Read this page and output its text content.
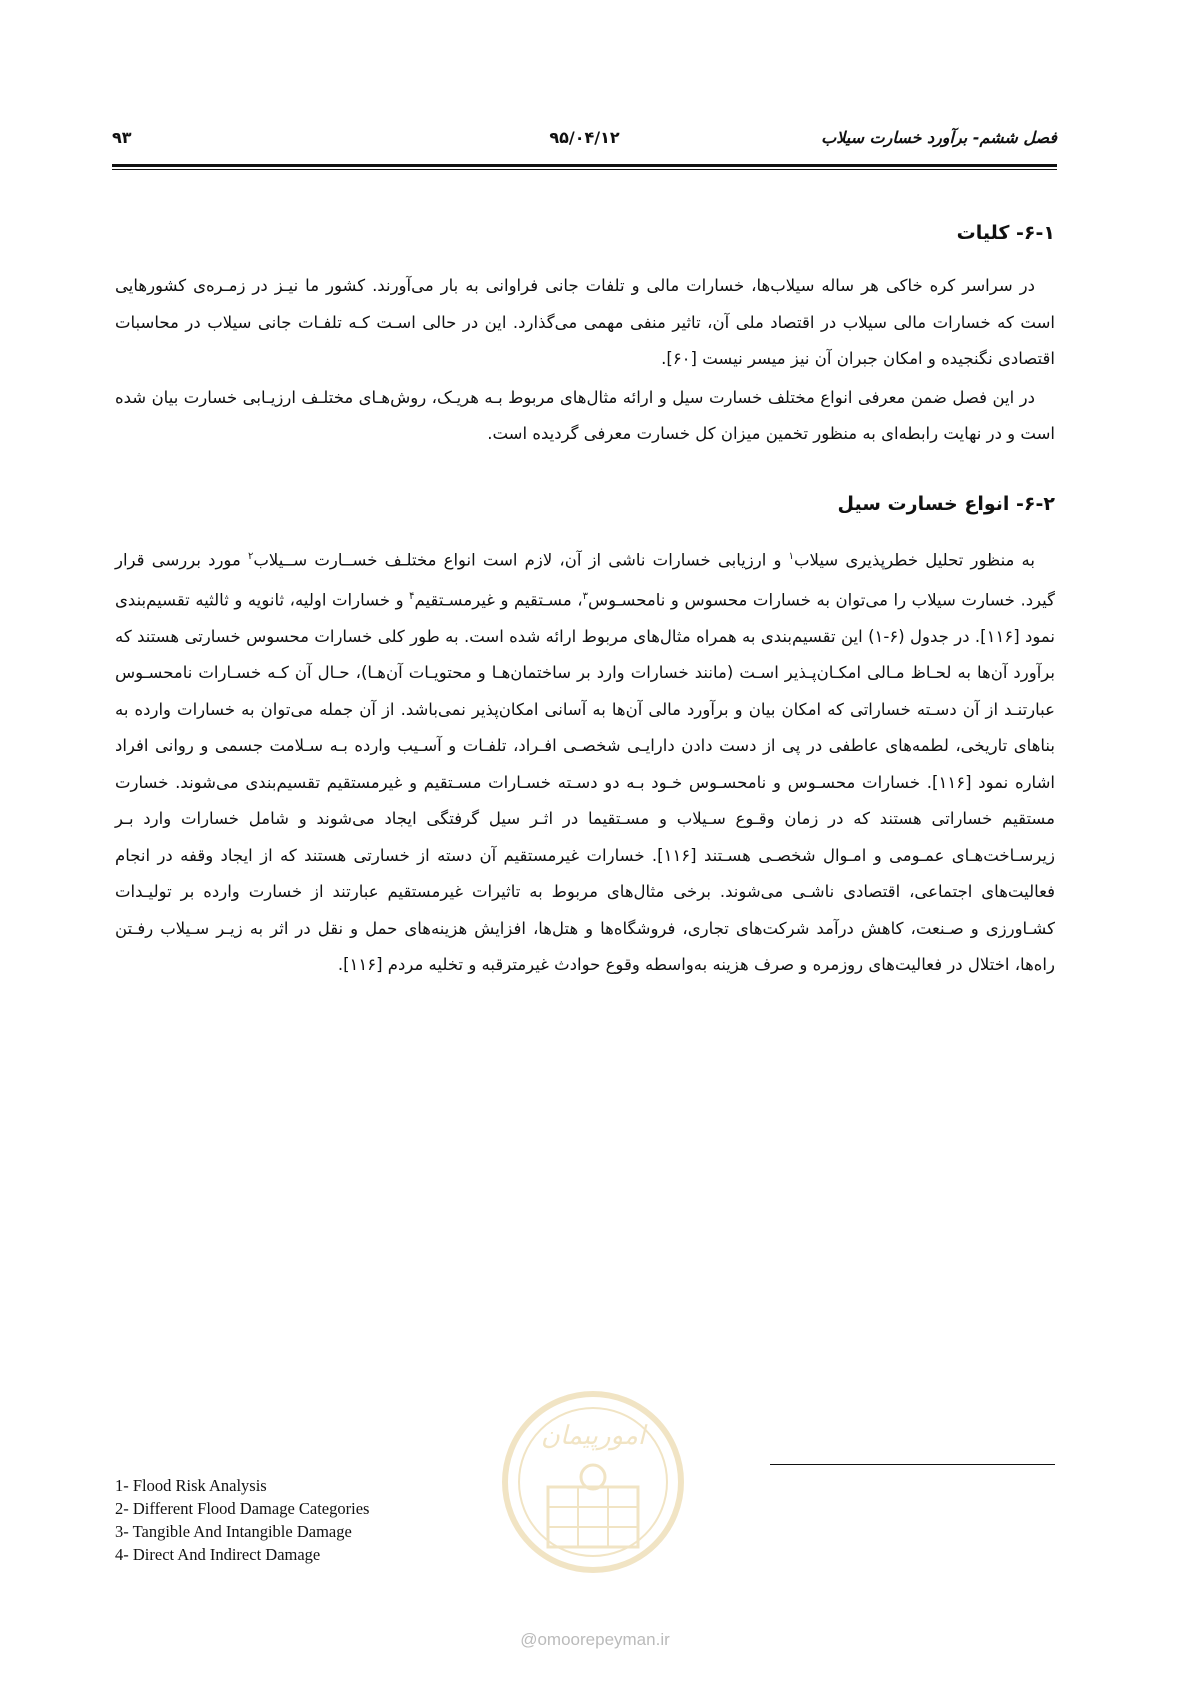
فصل ششم- برآورد خسارت سیلاب
۹۵/۰۴/۱۲
۹۳
۶-۱- کلیات

در سراسر کره خاکی هر ساله سیلاب‌ها، خسارات مالی و تلفات جانی فراوانی به بار می‌آورند. کشور ما نیـز در زمـره‌ی کشورهایی است که خسارات مالی سیلاب در اقتصاد ملی آن، تاثیر منفی مهمی می‌گذارد. این در حالی اسـت کـه تلفـات جانی سیلاب در محاسبات اقتصادی نگنجیده و امکان جبران آن نیز میسر نیست [۶۰].

در این فصل ضمن معرفی انواع مختلف خسارت سیل و ارائه مثال‌های مربوط بـه هریـک، روش‌هـای مختلـف ارزیـابی خسارت بیان شده است و در نهایت رابطه‌ای به منظور تخمین میزان کل خسارت معرفی گردیده است.

۶-۲- انواع خسارت سیل

به منظور تحلیل خطرپذیری سیلاب$^۱$ و ارزیابی خسارات ناشی از آن، لازم است انواع مختلـف خســارت ســیلاب$^۲$ مورد بررسی قرار گیرد. خسارت سیلاب را می‌توان به خسارات محسوس و نامحسـوس$^۳$، مسـتقیم و غیرمسـتقیم$^۴$ و خسارات اولیه، ثانویه و ثالثیه تقسیم‌بندی نمود [۱۱۶]. در جدول (۶-۱) این تقسیم‌بندی به همراه مثال‌های مربوط ارائه شده است. به طور کلی خسارات محسوس خسارتی هستند که برآورد آن‌ها به لحـاظ مـالی امکـان‌پـذیر اسـت (مانند خسارات وارد بر ساختمان‌هـا و محتویـات آن‌هـا)، حـال آن کـه خسـارات نامحسـوس عبارتنـد از آن دسـته خساراتی که امکان بیان و برآورد مالی آن‌ها به آسانی امکان‌پذیر نمی‌باشد. از آن جمله می‌توان به خسارات وارده به بناهای تاریخی، لطمه‌های عاطفی در پی از دست دادن دارایـی شخصـی افـراد، تلفـات و آسـیب وارده بـه سـلامت جسمی و روانی افراد اشاره نمود [۱۱۶]. خسارات محسـوس و نامحسـوس خـود بـه دو دسـته خسـارات مسـتقیم و غیرمستقیم تقسیم‌بندی می‌شوند. خسارت مستقیم خساراتی هستند که در زمان وقـوع سـیلاب و مسـتقیما در اثـر سیل گرفتگی ایجاد می‌شوند و شامل خسارات وارد بـر زیرسـاخت‌هـای عمـومی و امـوال شخصـی هسـتند [۱۱۶]. خسارات غیرمستقیم آن دسته از خسارتی هستند که از ایجاد وقفه در انجام فعالیت‌های اجتماعی، اقتصادی ناشـی می‌شوند. برخی مثال‌های مربوط به تاثیرات غیرمستقیم عبارتند از خسارت وارده بر تولیـدات کشـاورزی و صـنعت، کاهش درآمد شرکت‌های تجاری، فروشگاه‌ها و هتل‌ها، افزایش هزینه‌های حمل و نقل در اثر به زیـر سـیلاب رفـتن راه‌ها، اختلال در فعالیت‌های روزمره و صرف هزینه به‌واسطه وقوع حوادث غیرمترقبه و تخلیه مردم [۱۱۶].

1- Flood Risk Analysis
2- Different Flood Damage Categories
3- Tangible And Intangible Damage
4- Direct And Indirect Damage
امورپیمان
@omoorepeyman.ir
